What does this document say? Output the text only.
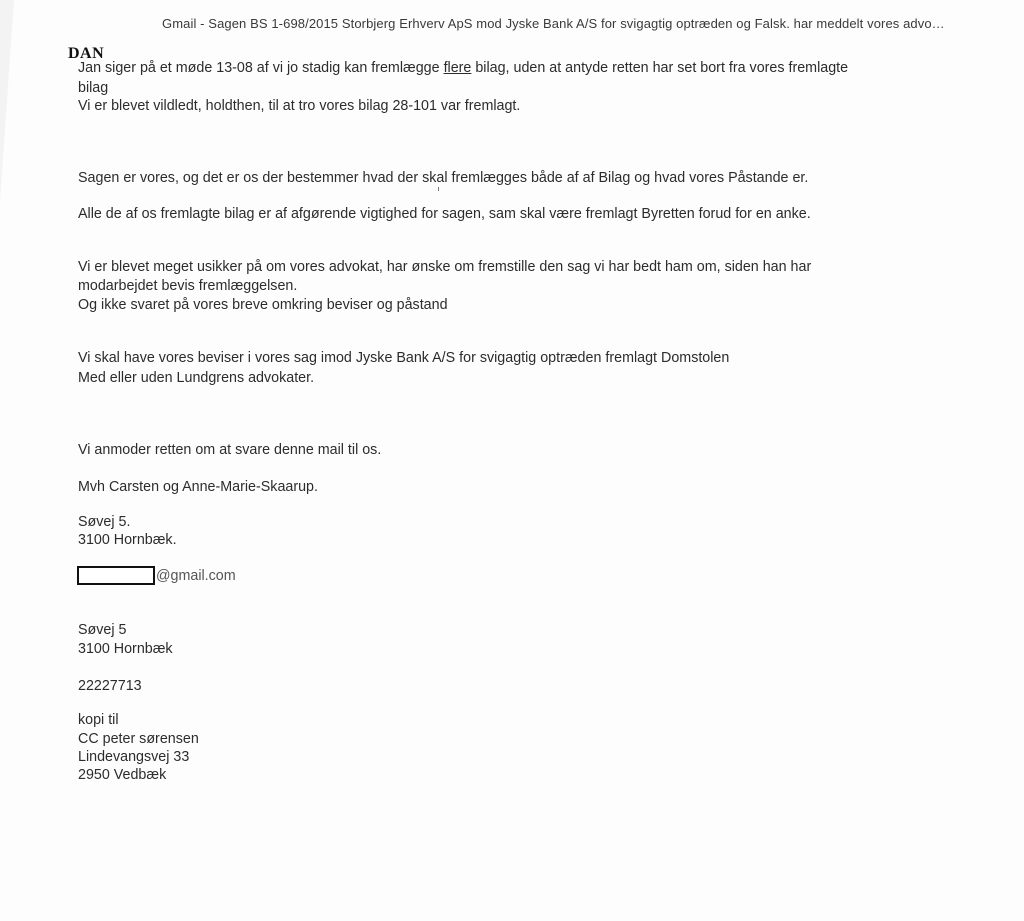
Gmail - Sagen BS 1-698/2015 Storbjerg Erhverv ApS mod Jyske Bank A/S for svigagtig optræden og Falsk. har meddelt vores advo…
DAN
Jan siger på et møde 13-08 af vi jo stadig kan fremlægge flere bilag, uden at antyde retten har set bort fra vores fremlagte
bilag
Vi er blevet vildledt, holdthen, til at tro vores bilag 28-101 var fremlagt.
Sagen er vores, og det er os der bestemmer hvad der skal fremlægges både af af Bilag og hvad vores Påstande er.
Alle de af os fremlagte bilag er af afgørende vigtighed for sagen, sam skal være fremlagt Byretten forud for en anke.
Vi er blevet meget usikker på om vores advokat, har ønske om fremstille den sag vi har bedt ham om, siden han har
modarbejdet bevis fremlæggelsen.
Og ikke svaret på vores breve omkring beviser og påstand
Vi skal have vores beviser i vores sag imod Jyske Bank A/S for svigagtig optræden fremlagt Domstolen
Med eller uden Lundgrens advokater.
Vi anmoder retten om at svare denne mail til os.
Mvh Carsten og Anne-Marie-Skaarup.
Søvej 5.
3100 Hornbæk.
@gmail.com
Søvej 5
3100 Hornbæk
22227713
kopi til
CC peter sørensen
Lindevangsvej 33
2950 Vedbæk
